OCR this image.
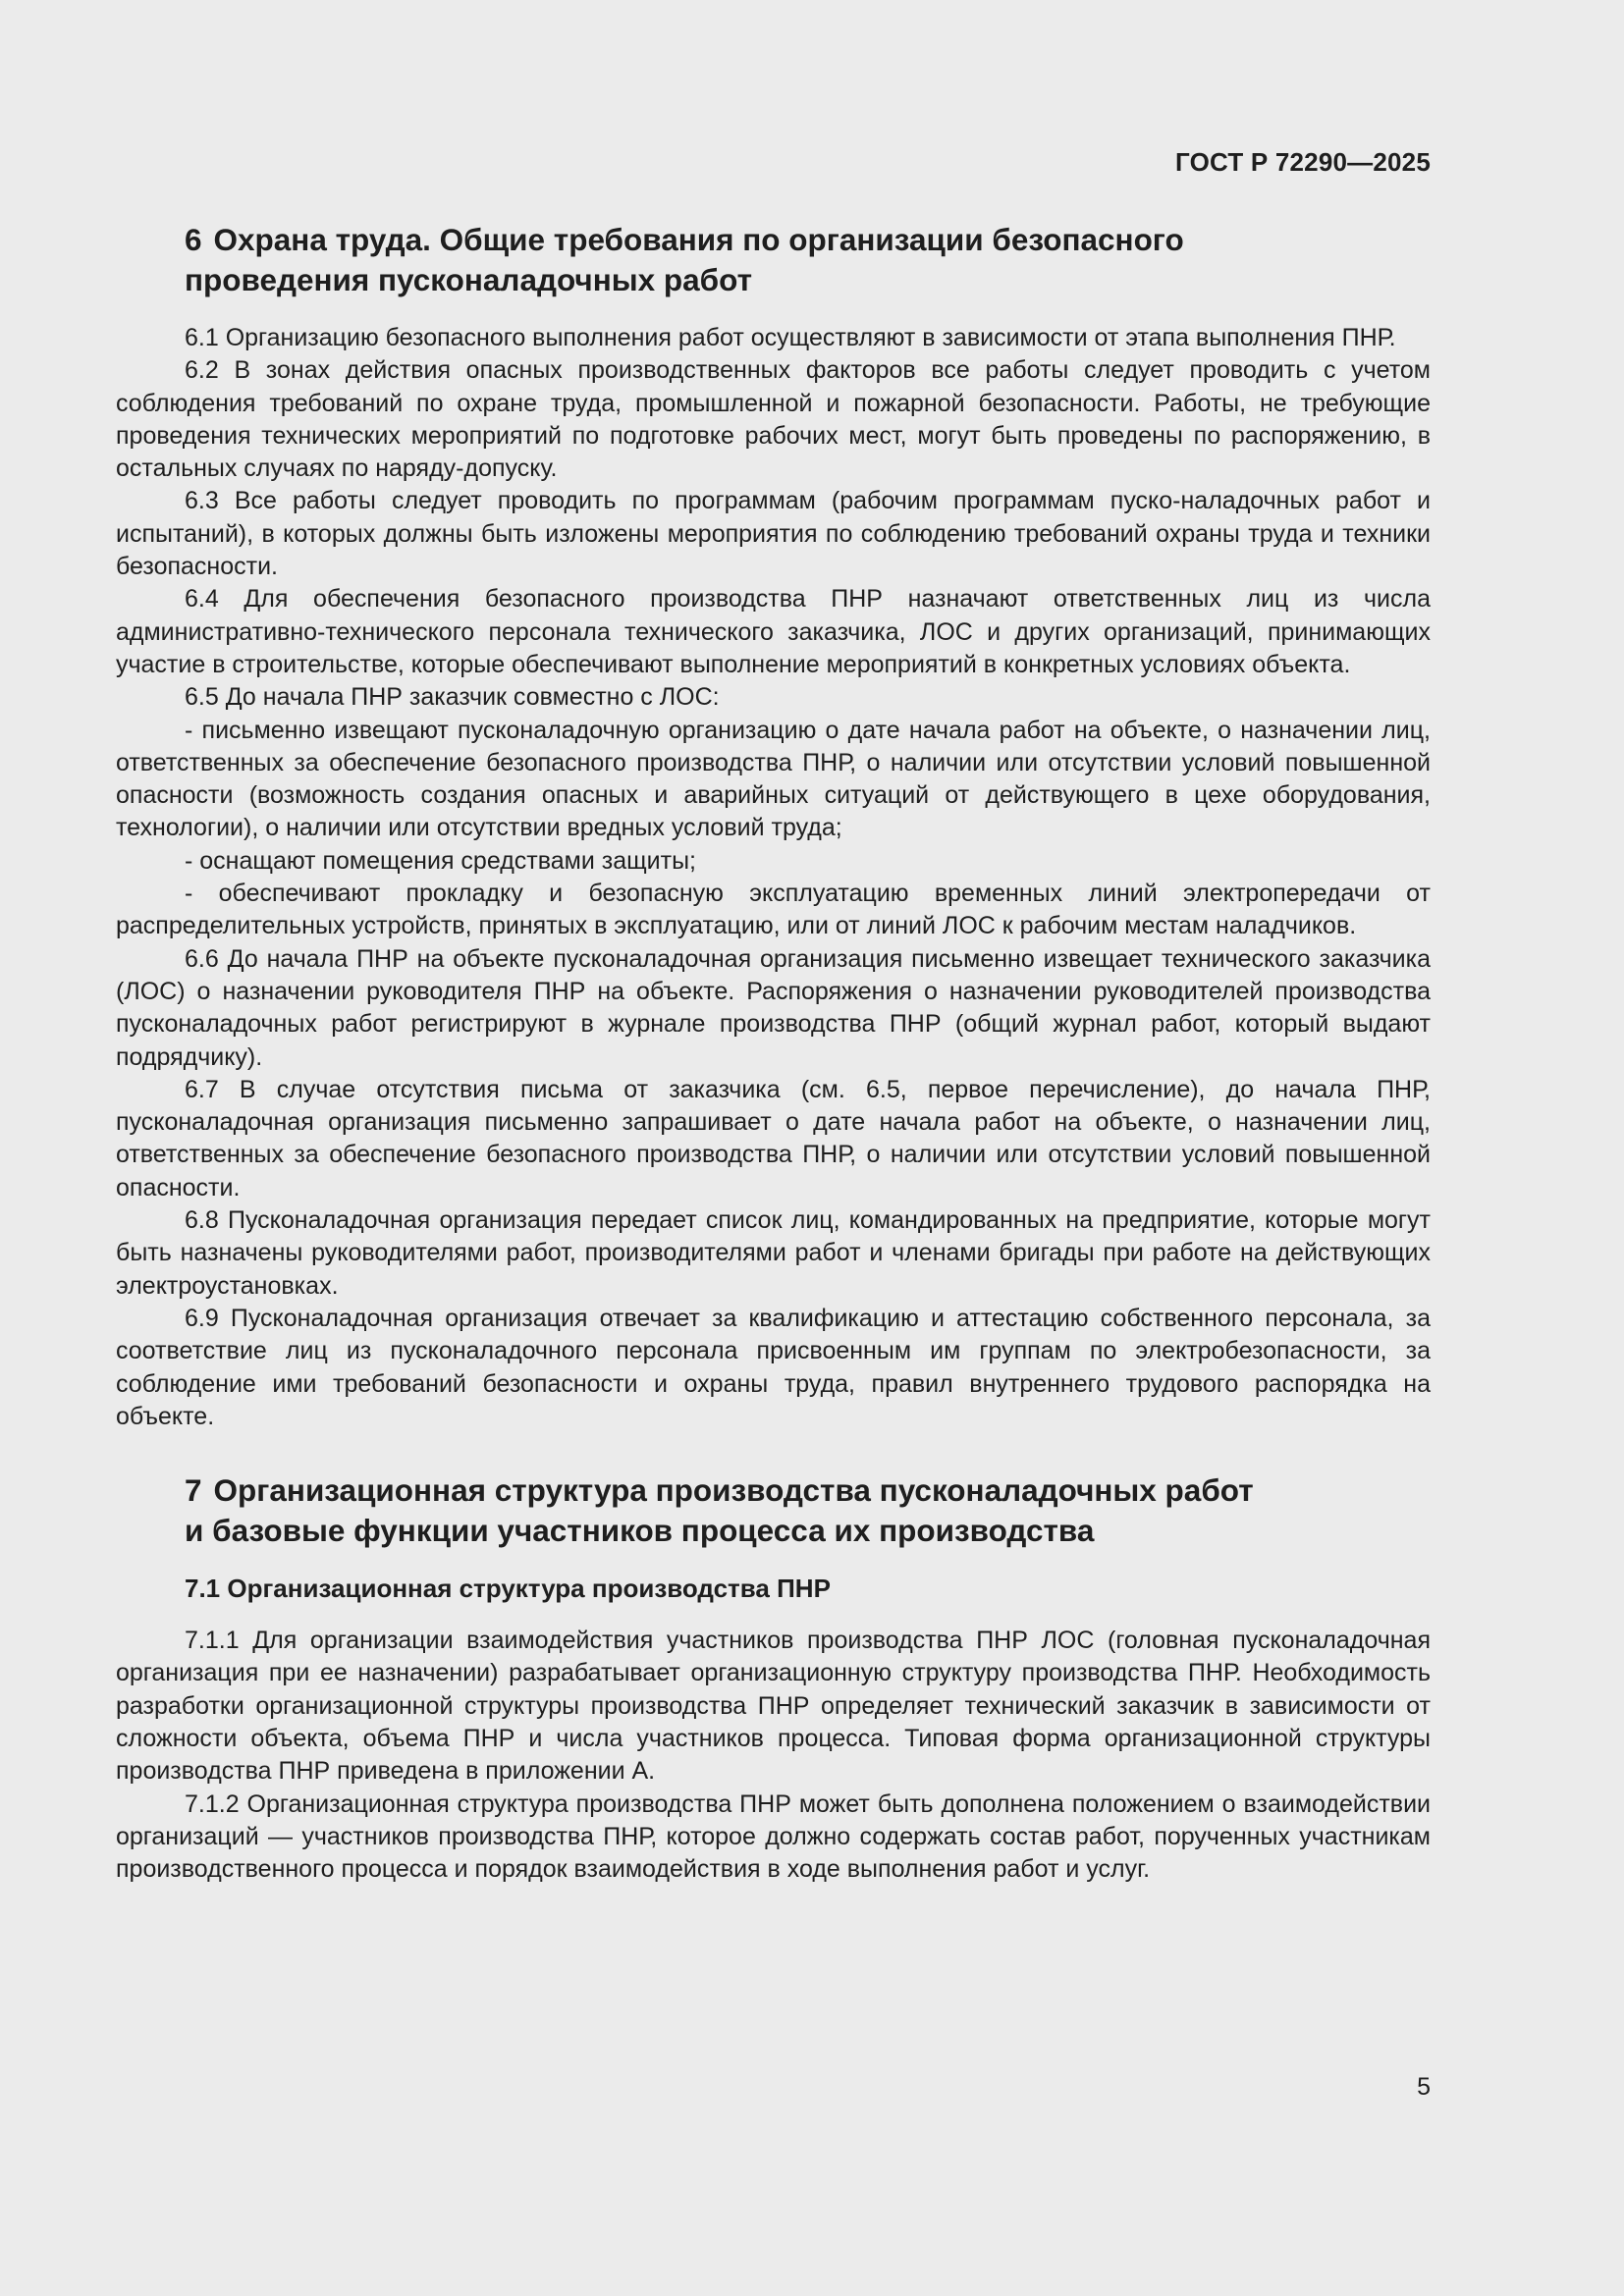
ГОСТ Р 72290—2025
6 Охрана труда. Общие требования по организации безопасного
проведения пусконаладочных работ

6.1 Организацию безопасного выполнения работ осуществляют в зависимости от этапа выполнения ПНР.

6.2 В зонах действия опасных производственных факторов все работы следует проводить с учетом соблюдения требований по охране труда, промышленной и пожарной безопасности. Работы, не требующие проведения технических мероприятий по подготовке рабочих мест, могут быть проведены по распоряжению, в остальных случаях по наряду-допуску.

6.3 Все работы следует проводить по программам (рабочим программам пуско-наладочных работ и испытаний), в которых должны быть изложены мероприятия по соблюдению требований охраны труда и техники безопасности.

6.4 Для обеспечения безопасного производства ПНР назначают ответственных лиц из числа административно-технического персонала технического заказчика, ЛОС и других организаций, принимающих участие в строительстве, которые обеспечивают выполнение мероприятий в конкретных условиях объекта.

6.5 До начала ПНР заказчик совместно с ЛОС:

- письменно извещают пусконаладочную организацию о дате начала работ на объекте, о назначении лиц, ответственных за обеспечение безопасного производства ПНР, о наличии или отсутствии условий повышенной опасности (возможность создания опасных и аварийных ситуаций от действующего в цехе оборудования, технологии), о наличии или отсутствии вредных условий труда;

- оснащают помещения средствами защиты;

- обеспечивают прокладку и безопасную эксплуатацию временных линий электропередачи от распределительных устройств, принятых в эксплуатацию, или от линий ЛОС к рабочим местам наладчиков.

6.6 До начала ПНР на объекте пусконаладочная организация письменно извещает технического заказчика (ЛОС) о назначении руководителя ПНР на объекте. Распоряжения о назначении руководителей производства пусконаладочных работ регистрируют в журнале производства ПНР (общий журнал работ, который выдают подрядчику).

6.7 В случае отсутствия письма от заказчика (см. 6.5, первое перечисление), до начала ПНР, пусконаладочная организация письменно запрашивает о дате начала работ на объекте, о назначении лиц, ответственных за обеспечение безопасного производства ПНР, о наличии или отсутствии условий повышенной опасности.

6.8 Пусконаладочная организация передает список лиц, командированных на предприятие, которые могут быть назначены руководителями работ, производителями работ и членами бригады при работе на действующих электроустановках.

6.9 Пусконаладочная организация отвечает за квалификацию и аттестацию собственного персонала, за соответствие лиц из пусконаладочного персонала присвоенным им группам по электробезопасности, за соблюдение ими требований безопасности и охраны труда, правил внутреннего трудового распорядка на объекте.

7 Организационная структура производства пусконаладочных работ
и базовые функции участников процесса их производства
7.1 Организационная структура производства ПНР

7.1.1 Для организации взаимодействия участников производства ПНР ЛОС (головная пусконаладочная организация при ее назначении) разрабатывает организационную структуру производства ПНР. Необходимость разработки организационной структуры производства ПНР определяет технический заказчик в зависимости от сложности объекта, объема ПНР и числа участников процесса. Типовая форма организационной структуры производства ПНР приведена в приложении А.

7.1.2 Организационная структура производства ПНР может быть дополнена положением о взаимодействии организаций — участников производства ПНР, которое должно содержать состав работ, порученных участникам производственного процесса и порядок взаимодействия в ходе выполнения работ и услуг.

5
